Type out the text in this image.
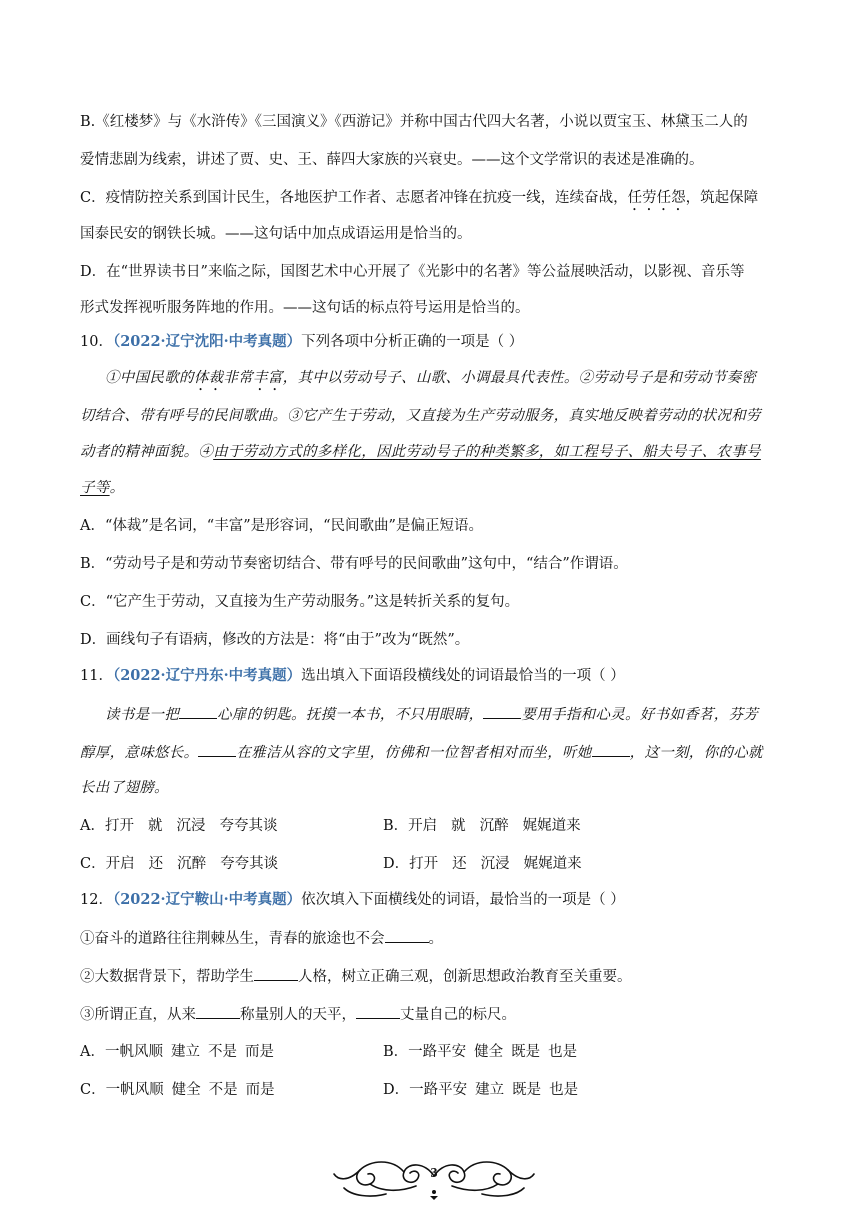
B.《红楼梦》与《水浒传》《三国演义》《西游记》并称中国古代四大名著，小说以贾宝玉、林黛玉二人的
爱情悲剧为线索，讲述了贾、史、王、薛四大家族的兴衰史。——这个文学常识的表述是准确的。
C．疫情防控关系到国计民生，各地医护工作者、志愿者冲锋在抗疫一线，连续奋战，任劳任怨，筑起保障
国泰民安的钢铁长城。——这句话中加点成语运用是恰当的。
D．在“世界读书日”来临之际，国图艺术中心开展了《光影中的名著》等公益展映活动，以影视、音乐等
形式发挥视听服务阵地的作用。——这句话的标点符号运用是恰当的。
10．（2022·辽宁沈阳·中考真题）下列各项中分析正确的一项是（ ）
①中国民歌的体裁非常丰富，其中以劳动号子、山歌、小调最具代表性。②劳动号子是和劳动节奏密
切结合、带有呼号的民间歌曲。③它产生于劳动，又直接为生产劳动服务，真实地反映着劳动的状况和劳
动者的精神面貌。④由于劳动方式的多样化，因此劳动号子的种类繁多，如工程号子、船夫号子、农事号
子等。
A．“体裁”是名词，“丰富”是形容词，“民间歌曲”是偏正短语。
B．“劳动号子是和劳动节奏密切结合、带有呼号的民间歌曲”这句中，“结合”作谓语。
C．“它产生于劳动，又直接为生产劳动服务。”这是转折关系的复句。
D．画线句子有语病，修改的方法是：将“由于”改为“既然”。
11．（2022·辽宁丹东·中考真题）选出填入下面语段横线处的词语最恰当的一项（ ）
读书是一把	心扉的钥匙。抚摸一本书，不只用眼睛，	要用手指和心灵。好书如香茗，芬芳
醇厚，意味悠长。	在雅洁从容的文字里，仿佛和一位智者相对而坐，听她	，这一刻，你的心就
长出了翅膀。
A．打开 就 沉浸 夸夸其谈	B．开启 就 沉醉 娓娓道来
C．开启 还 沉醉 夸夸其谈	D．打开 还 沉浸 娓娓道来
12．（2022·辽宁鞍山·中考真题）依次填入下面横线处的词语，最恰当的一项是（ ）
①奋斗的道路往往荆棘丛生，青春的旅途也不会	。
②大数据背景下，帮助学生	人格，树立正确三观，创新思想政治教育至关重要。
③所谓正直，从来	称量别人的天平，	丈量自己的标尺。
A．一帆风顺 建立 不是 而是	B．一路平安 健全 既是 也是
C．一帆风顺 健全 不是 而是	D．一路平安 建立 既是 也是
3
